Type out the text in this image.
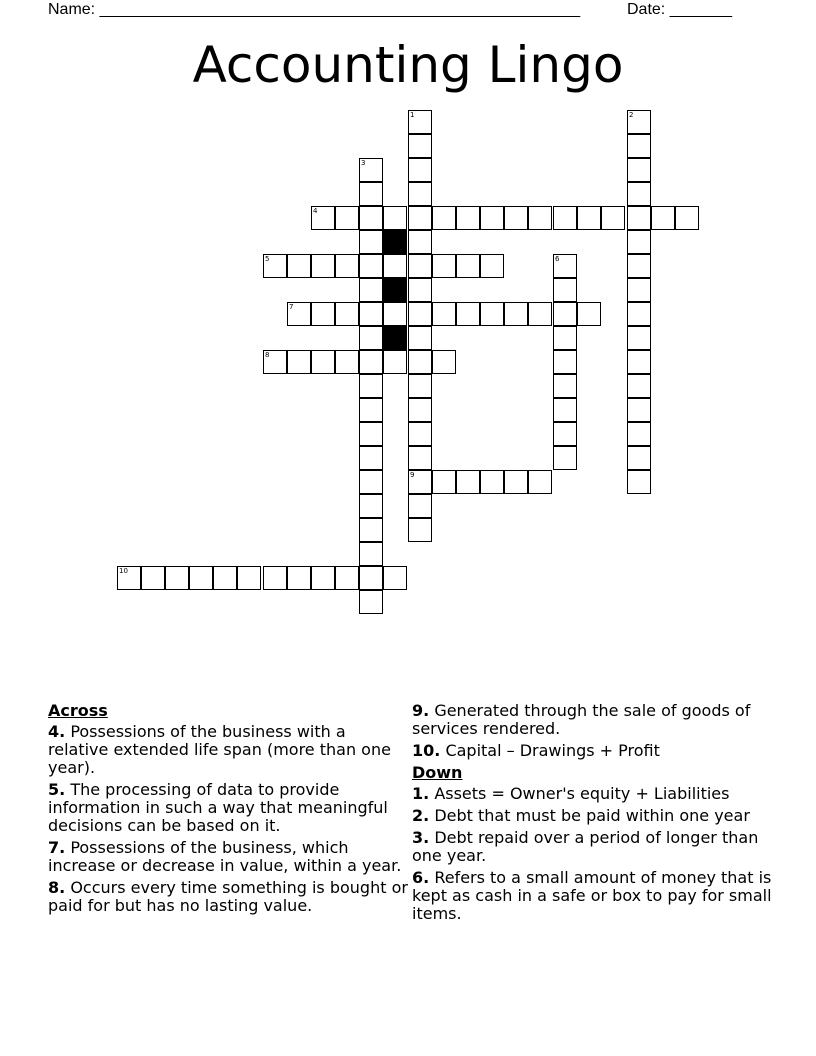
Name: ______________________________________________________	Date: _______
Accounting Lingo
1
9
2
3
4
5	6
7
8
10
Across
4. Possessions of the business with a relative extended life span (more than one year).
5. The processing of data to provide information in such a way that meaningful decisions can be based on it.
7. Possessions of the business, which increase or decrease in value, within a year.
8. Occurs every time something is bought or paid for but has no lasting value.
9. Generated through the sale of goods of services rendered.
10. Capital – Drawings + Profit
Down
1. Assets = Owner's equity + Liabilities
2. Debt that must be paid within one year
3. Debt repaid over a period of longer than one year.
6. Refers to a small amount of money that is kept as cash in a safe or box to pay for small items.
